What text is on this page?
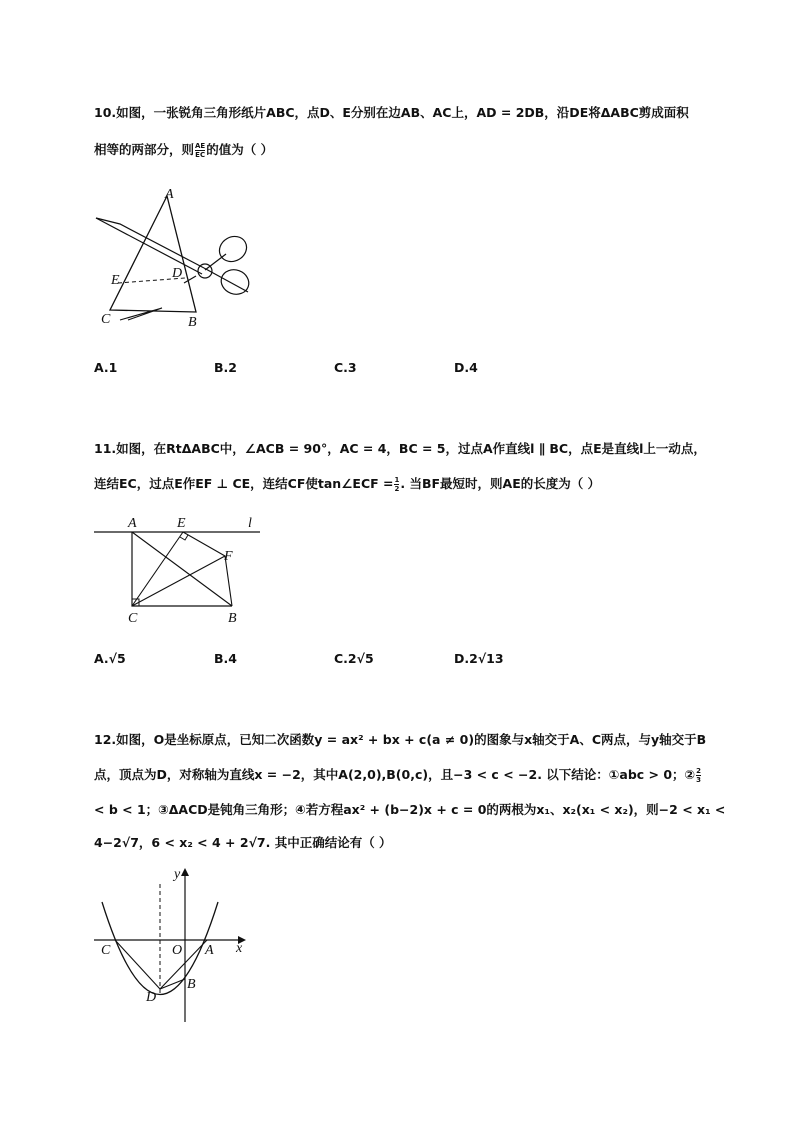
10.如图，一张锐角三角形纸片ABC，点D、E分别在边AB、AC上，AD = 2DB，沿DE将ΔABC剪成面积
相等的两部分，则 $\frac{AE}{EC}$ 的值为（ ）
A
E	D
C	B
A.1	B.2	C.3	D.4
11.如图，在RtΔABC中，∠ACB = 90°，AC = 4，BC = 5，过点A作直线l ∥ BC，点E是直线l上一动点，
连结EC，过点E作EF ⊥ CE，连结CF使tan∠ECF = $\frac{1}{2}$ . 当BF最短时，则AE的长度为（ ）
A	E	l
F
C	B
A.√5	B.4	C.2√5	D.2√13
12.如图，O是坐标原点，已知二次函数y = ax² + bx + c(a ≠ 0)的图象与x轴交于A、C两点，与y轴交于B
点，顶点为D，对称轴为直线x = −2，其中A(2,0),B(0,c)，且−3 < c < −2. 以下结论：①abc > 0；② $\frac{2}{3}$
< b < 1；③ΔACD是钝角三角形；④若方程ax² + (b−2)x + c = 0的两根为x₁、x₂(x₁ < x₂)，则−2 < x₁ <
4−2√7，6 < x₂ < 4 + 2√7. 其中正确结论有（ ）
y
x
O
C	A
D
B
